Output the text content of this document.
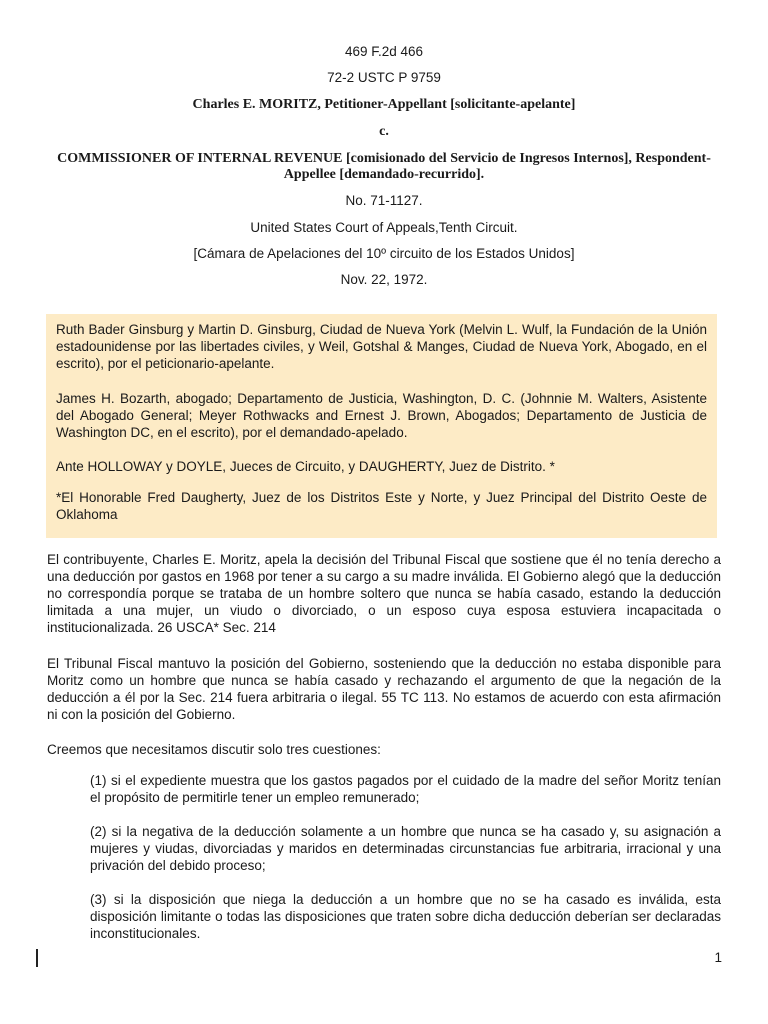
469 F.2d 466

72-2 USTC P 9759

Charles E. MORITZ, Petitioner-Appellant [solicitante-apelante]

c.

COMMISSIONER OF INTERNAL REVENUE [comisionado del Servicio de Ingresos Internos], Respondent-Appellee [demandado-recurrido].

No. 71-1127.

United States Court of Appeals,Tenth Circuit.

[Cámara de Apelaciones del 10º circuito de los Estados Unidos]

Nov. 22, 1972.

Ruth Bader Ginsburg y Martin D. Ginsburg, Ciudad de Nueva York (Melvin L. Wulf, la Fundación de la Unión estadounidense por las libertades civiles, y Weil, Gotshal & Manges, Ciudad de Nueva York, Abogado, en el escrito), por el peticionario-apelante.

James H. Bozarth, abogado; Departamento de Justicia, Washington, D. C. (Johnnie M. Walters, Asistente del Abogado General; Meyer Rothwacks and Ernest J. Brown, Abogados; Departamento de Justicia de Washington DC, en el escrito), por el demandado-apelado.

Ante HOLLOWAY y DOYLE, Jueces de Circuito, y DAUGHERTY, Juez de Distrito. *

*El Honorable Fred Daugherty, Juez de los Distritos Este y Norte, y Juez Principal del Distrito Oeste de Oklahoma

El contribuyente, Charles E. Moritz, apela la decisión del Tribunal Fiscal que sostiene que él no tenía derecho a una deducción por gastos en 1968 por tener a su cargo a su madre inválida. El Gobierno alegó que la deducción no correspondía porque se trataba de un hombre soltero que nunca se había casado, estando la deducción limitada a una mujer, un viudo o divorciado, o un esposo cuya esposa estuviera incapacitada o institucionalizada. 26 USCA* Sec. 214

El Tribunal Fiscal mantuvo la posición del Gobierno, sosteniendo que la deducción no estaba disponible para Moritz como un hombre que nunca se había casado y rechazando el argumento de que la negación de la deducción a él por la Sec. 214 fuera arbitraria o ilegal. 55 TC 113. No estamos de acuerdo con esta afirmación ni con la posición del Gobierno.

Creemos que necesitamos discutir solo tres cuestiones:

(1) si el expediente muestra que los gastos pagados por el cuidado de la madre del señor Moritz tenían el propósito de permitirle tener un empleo remunerado;

(2) si la negativa de la deducción solamente a un hombre que nunca se ha casado y, su asignación a mujeres y viudas, divorciadas y maridos en determinadas circunstancias fue arbitraria, irracional y una privación del debido proceso;

(3) si la disposición que niega la deducción a un hombre que no se ha casado es inválida, esta disposición limitante o todas las disposiciones que traten sobre dicha deducción deberían ser declaradas inconstitucionales.

1
